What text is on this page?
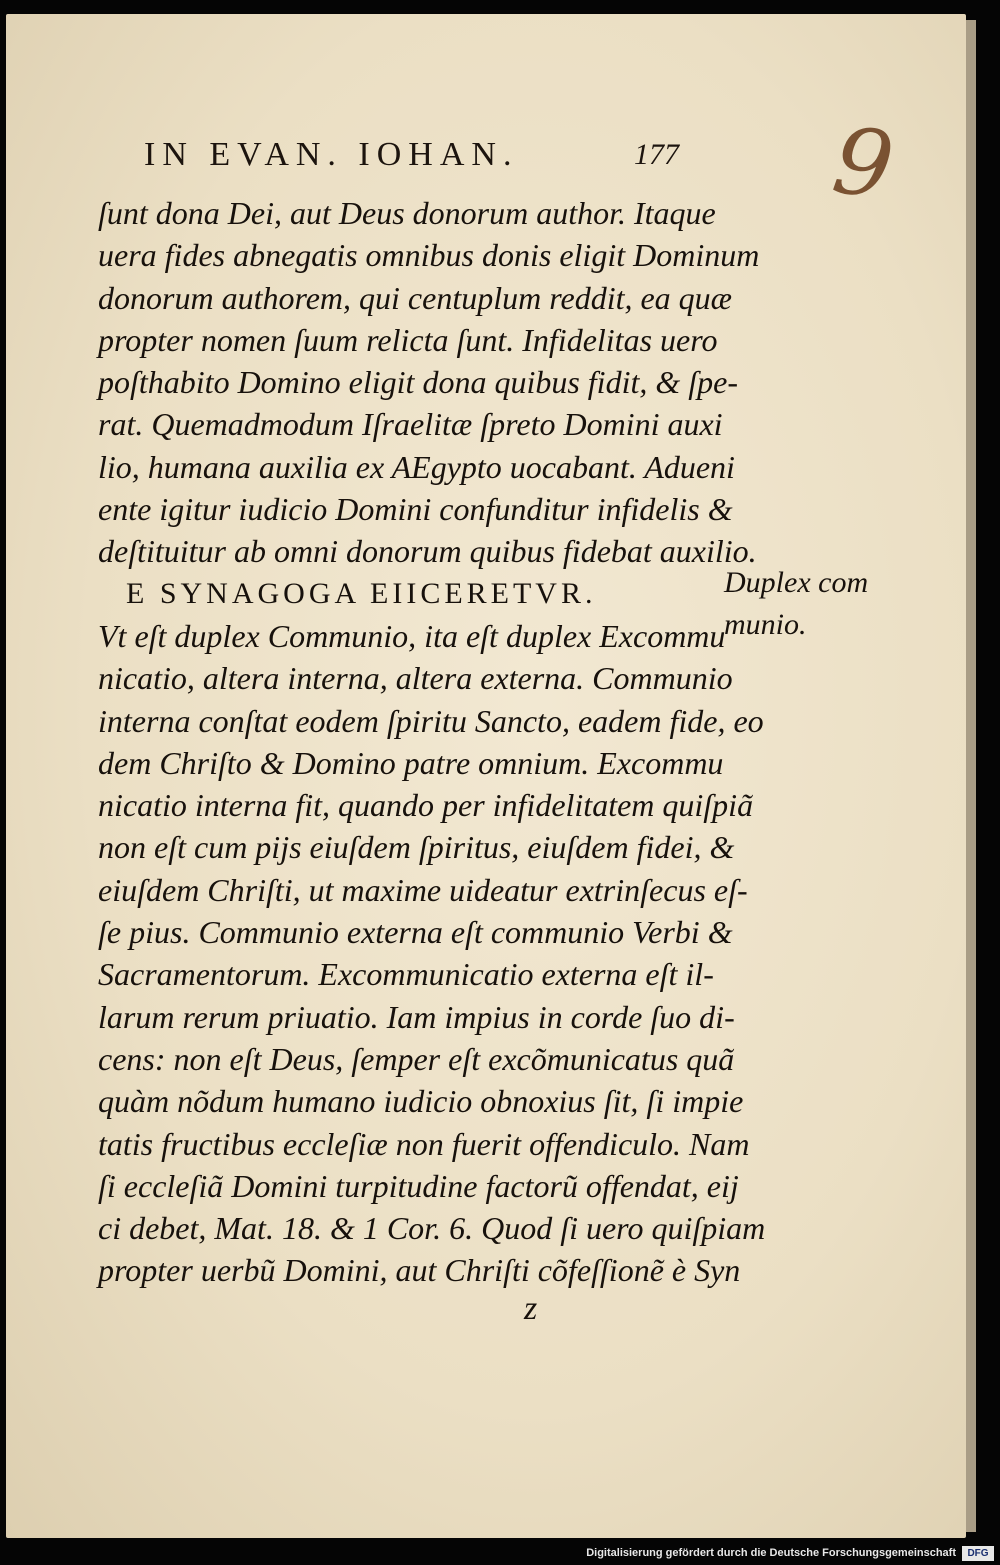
IN EVAN. IOHAN.	177 9
ſunt dona Dei, aut Deus donorum author. Itaque
uera fides abnegatis omnibus donis eligit Dominum
donorum authorem, qui centuplum reddit, ea quæ
propter nomen ſuum relicta ſunt. Infidelitas uero
poſthabito Domino eligit dona quibus fidit, & ſpe-
rat. Quemadmodum Iſraelitæ ſpreto Domini auxi
lio, humana auxilia ex AEgypto uocabant. Adueni
ente igitur iudicio Domini confunditur infidelis &
deſtituitur ab omni donorum quibus fidebat auxilio.
E SYNAGOGA EIICERETVR.
Vt eſt duplex Communio, ita eſt duplex Excommu
nicatio, altera interna, altera externa. Communio
interna conſtat eodem ſpiritu Sancto, eadem fide, eo
dem Chriſto & Domino patre omnium. Excommu
nicatio interna fit, quando per infidelitatem quiſpiã
non eſt cum pijs eiuſdem ſpiritus, eiuſdem fidei, &
eiuſdem Chriſti, ut maxime uideatur extrinſecus eſ-
ſe pius. Communio externa eſt communio Verbi &
Sacramentorum. Excommunicatio externa eſt il-
larum rerum priuatio. Iam impius in corde ſuo di-
cens: non eſt Deus, ſemper eſt excõmunicatus quã
quàm nõdum humano iudicio obnoxius ſit, ſi impie
tatis fructibus eccleſiæ non fuerit offendiculo. Nam
ſi eccleſiã Domini turpitudine factorũ offendat, eij
ci debet, Mat. 18. & 1 Cor. 6. Quod ſi uero quiſpiam
propter uerbũ Domini, aut Chriſti cõfeſſionẽ è Syn
Duplex com
munio.
z
Digitalisierung gefördert durch die Deutsche Forschungsgemeinschaft	DFG
